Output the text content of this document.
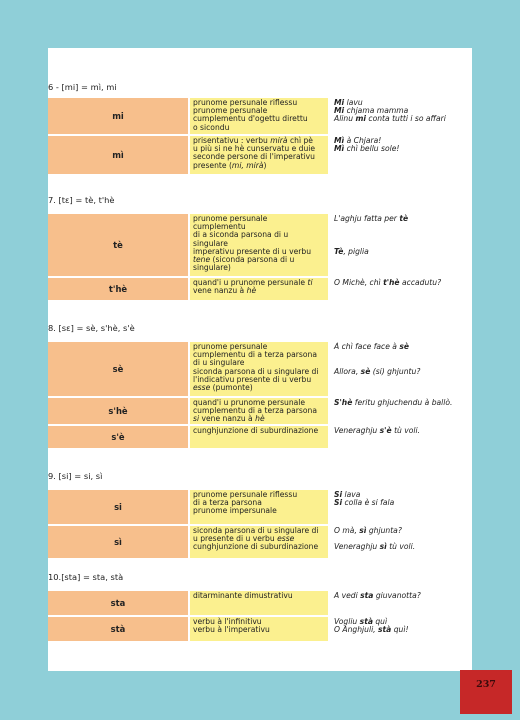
6 - [mi] = mì, mi
mi
prunome persunale riflessu
prunome persunale
cumplementu d'ogettu direttu
o sicondu
Mi lavu
Mi chjama mamma
Alinu mi conta tutti i so affari
mì
prisentativu : verbu mirà chì pè
u più si ne hè cunservatu e duie
seconde persone di l'imperativu
presente (mi, mirà)
Mì à Chjara!
Mì chì bellu sole!
7. [tɛ] = tè, t'hè
tè
prunome persunale
cumplementu
di a siconda parsona di u
singulare
imperativu presente di u verbu
tene (siconda parsona di u
singulare)
L'aghju fatta per tè

Tè, piglia
t'hè
quand'i u prunome persunale ti
vene nanzu à hè
O Michè, chì t'hè accadutu?
8. [sɛ] = sè, s'hè, s'è
sè
prunome persunale
cumplementu di a terza parsona
di u singulare
siconda parsona di u singulare di
l'indicativu presente di u verbu
esse (pumonte)
À chì face face à sè

Allora, sè (si) ghjuntu?
s'hè
quand'i u prunome persunale
cumplementu di a terza parsona
si vene nanzu à hè
S'hè feritu ghjuchendu à ballò.
s'è
cunghjunzione di suburdinazione	Veneraghju s'è tù voli.
9. [si] = si, sì
si
prunome persunale riflessu
di a terza parsona
prunome impersunale
Si lava
Si colla è si fala
sì
siconda parsona di u singulare di
u presente di u verbu esse
cunghjunzione di suburdinazione
O mà, sì ghjunta?

Veneraghju sì tù voli.
10.[sta] = sta, stà
sta
ditarminante dimustrativu	A vedi sta giuvanotta?
stà
verbu à l'infinitivu
verbu à l'imperativu
Vogliu stà quì
O Anghjuli, stà quì!
237
